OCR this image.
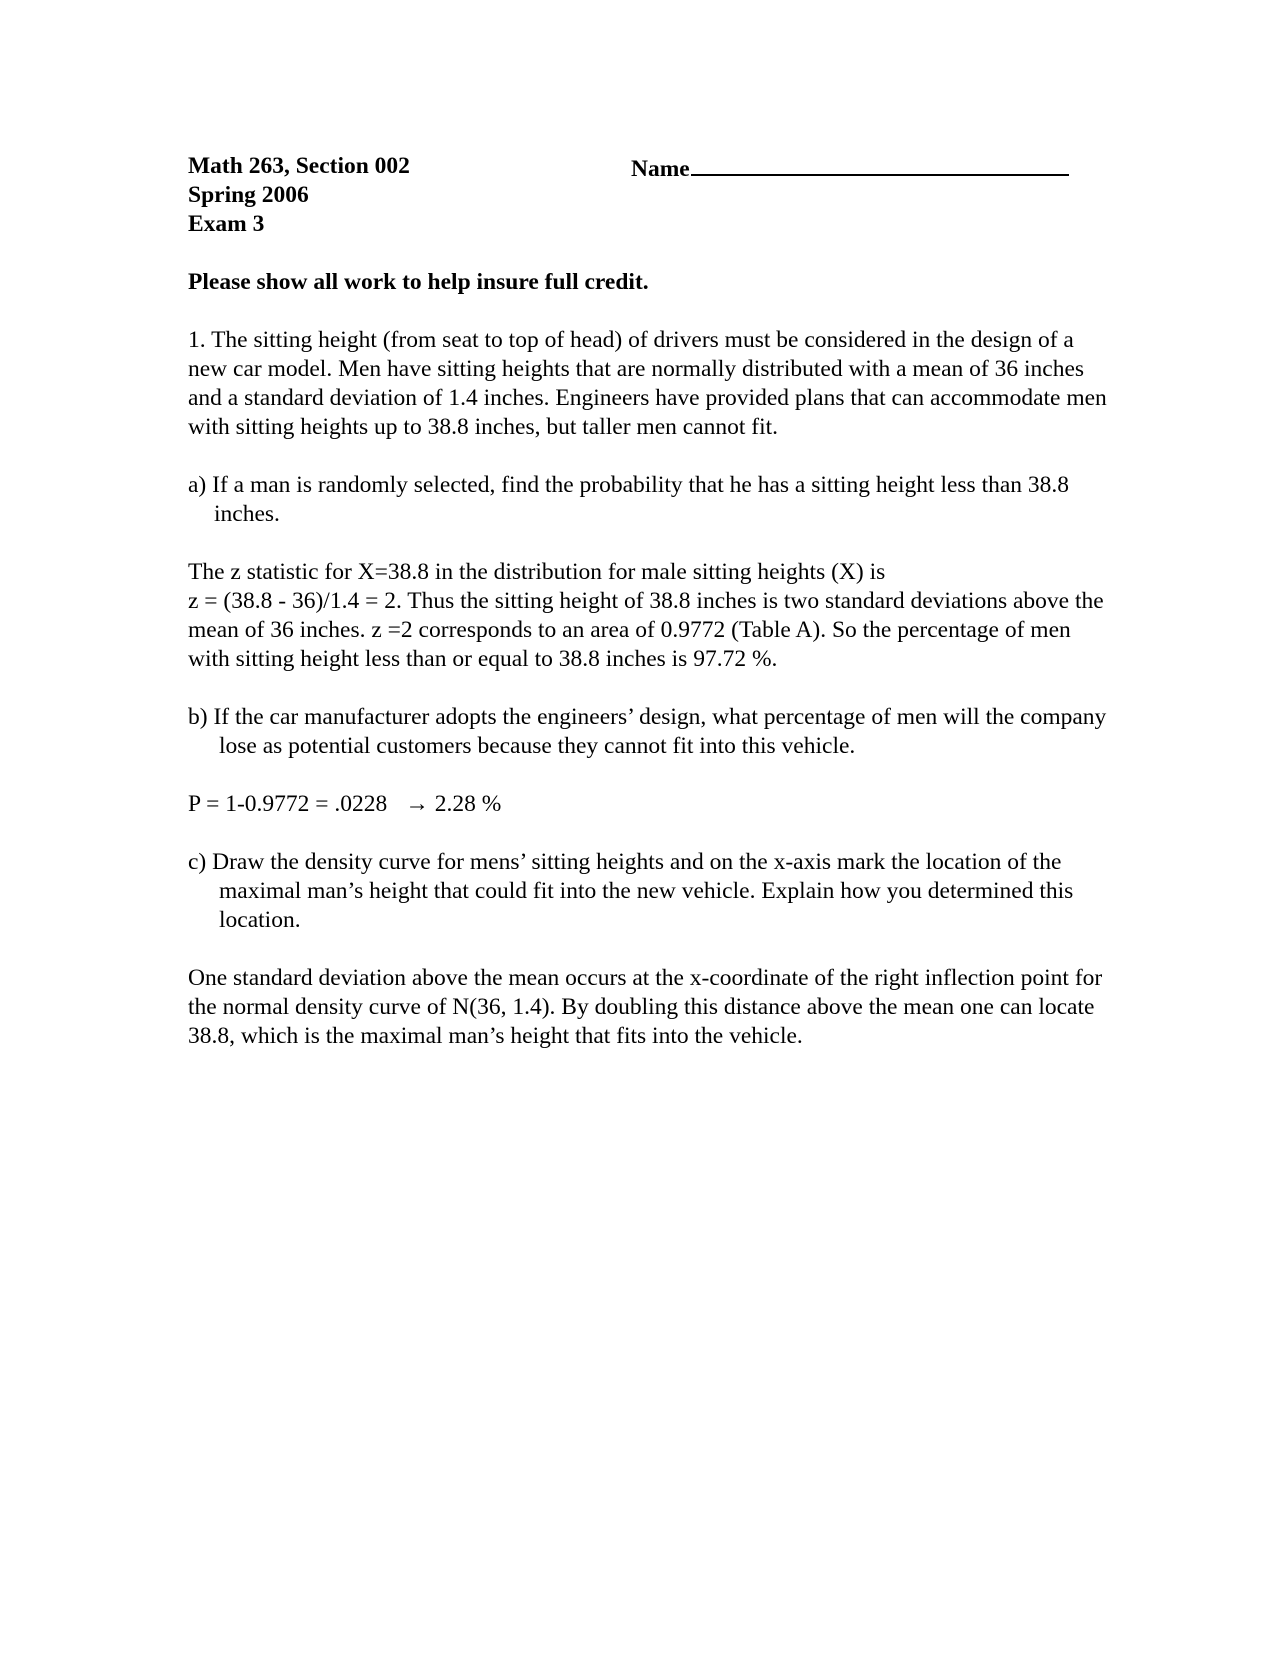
Math 263, Section 002
Spring 2006
Exam 3
Name

Please show all work to help insure full credit.

1. The sitting height (from seat to top of head) of drivers must be considered in the design of a new car model. Men have sitting heights that are normally distributed with a mean of 36 inches and a standard deviation of 1.4 inches. Engineers have provided plans that can accommodate men with sitting heights up to 38.8 inches, but taller men cannot fit.

a) If a man is randomly selected, find the probability that he has a sitting height less than 38.8 inches.

The z statistic for X=38.8 in the distribution for male sitting heights (X) is

z = (38.8 - 36)/1.4 = 2. Thus the sitting height of 38.8 inches is two standard deviations above the mean of 36 inches. z =2 corresponds to an area of 0.9772 (Table A). So the percentage of men with sitting height less than or equal to 38.8 inches is 97.72 %.

b) If the car manufacturer adopts the engineers’ design, what percentage of men will the company lose as potential customers because they cannot fit into this vehicle.

P = 1-0.9772 = .0228 → 2.28 %

c) Draw the density curve for mens’ sitting heights and on the x-axis mark the location of the maximal man’s height that could fit into the new vehicle. Explain how you determined this location.

One standard deviation above the mean occurs at the x-coordinate of the right inflection point for the normal density curve of N(36, 1.4). By doubling this distance above the mean one can locate 38.8, which is the maximal man’s height that fits into the vehicle.
